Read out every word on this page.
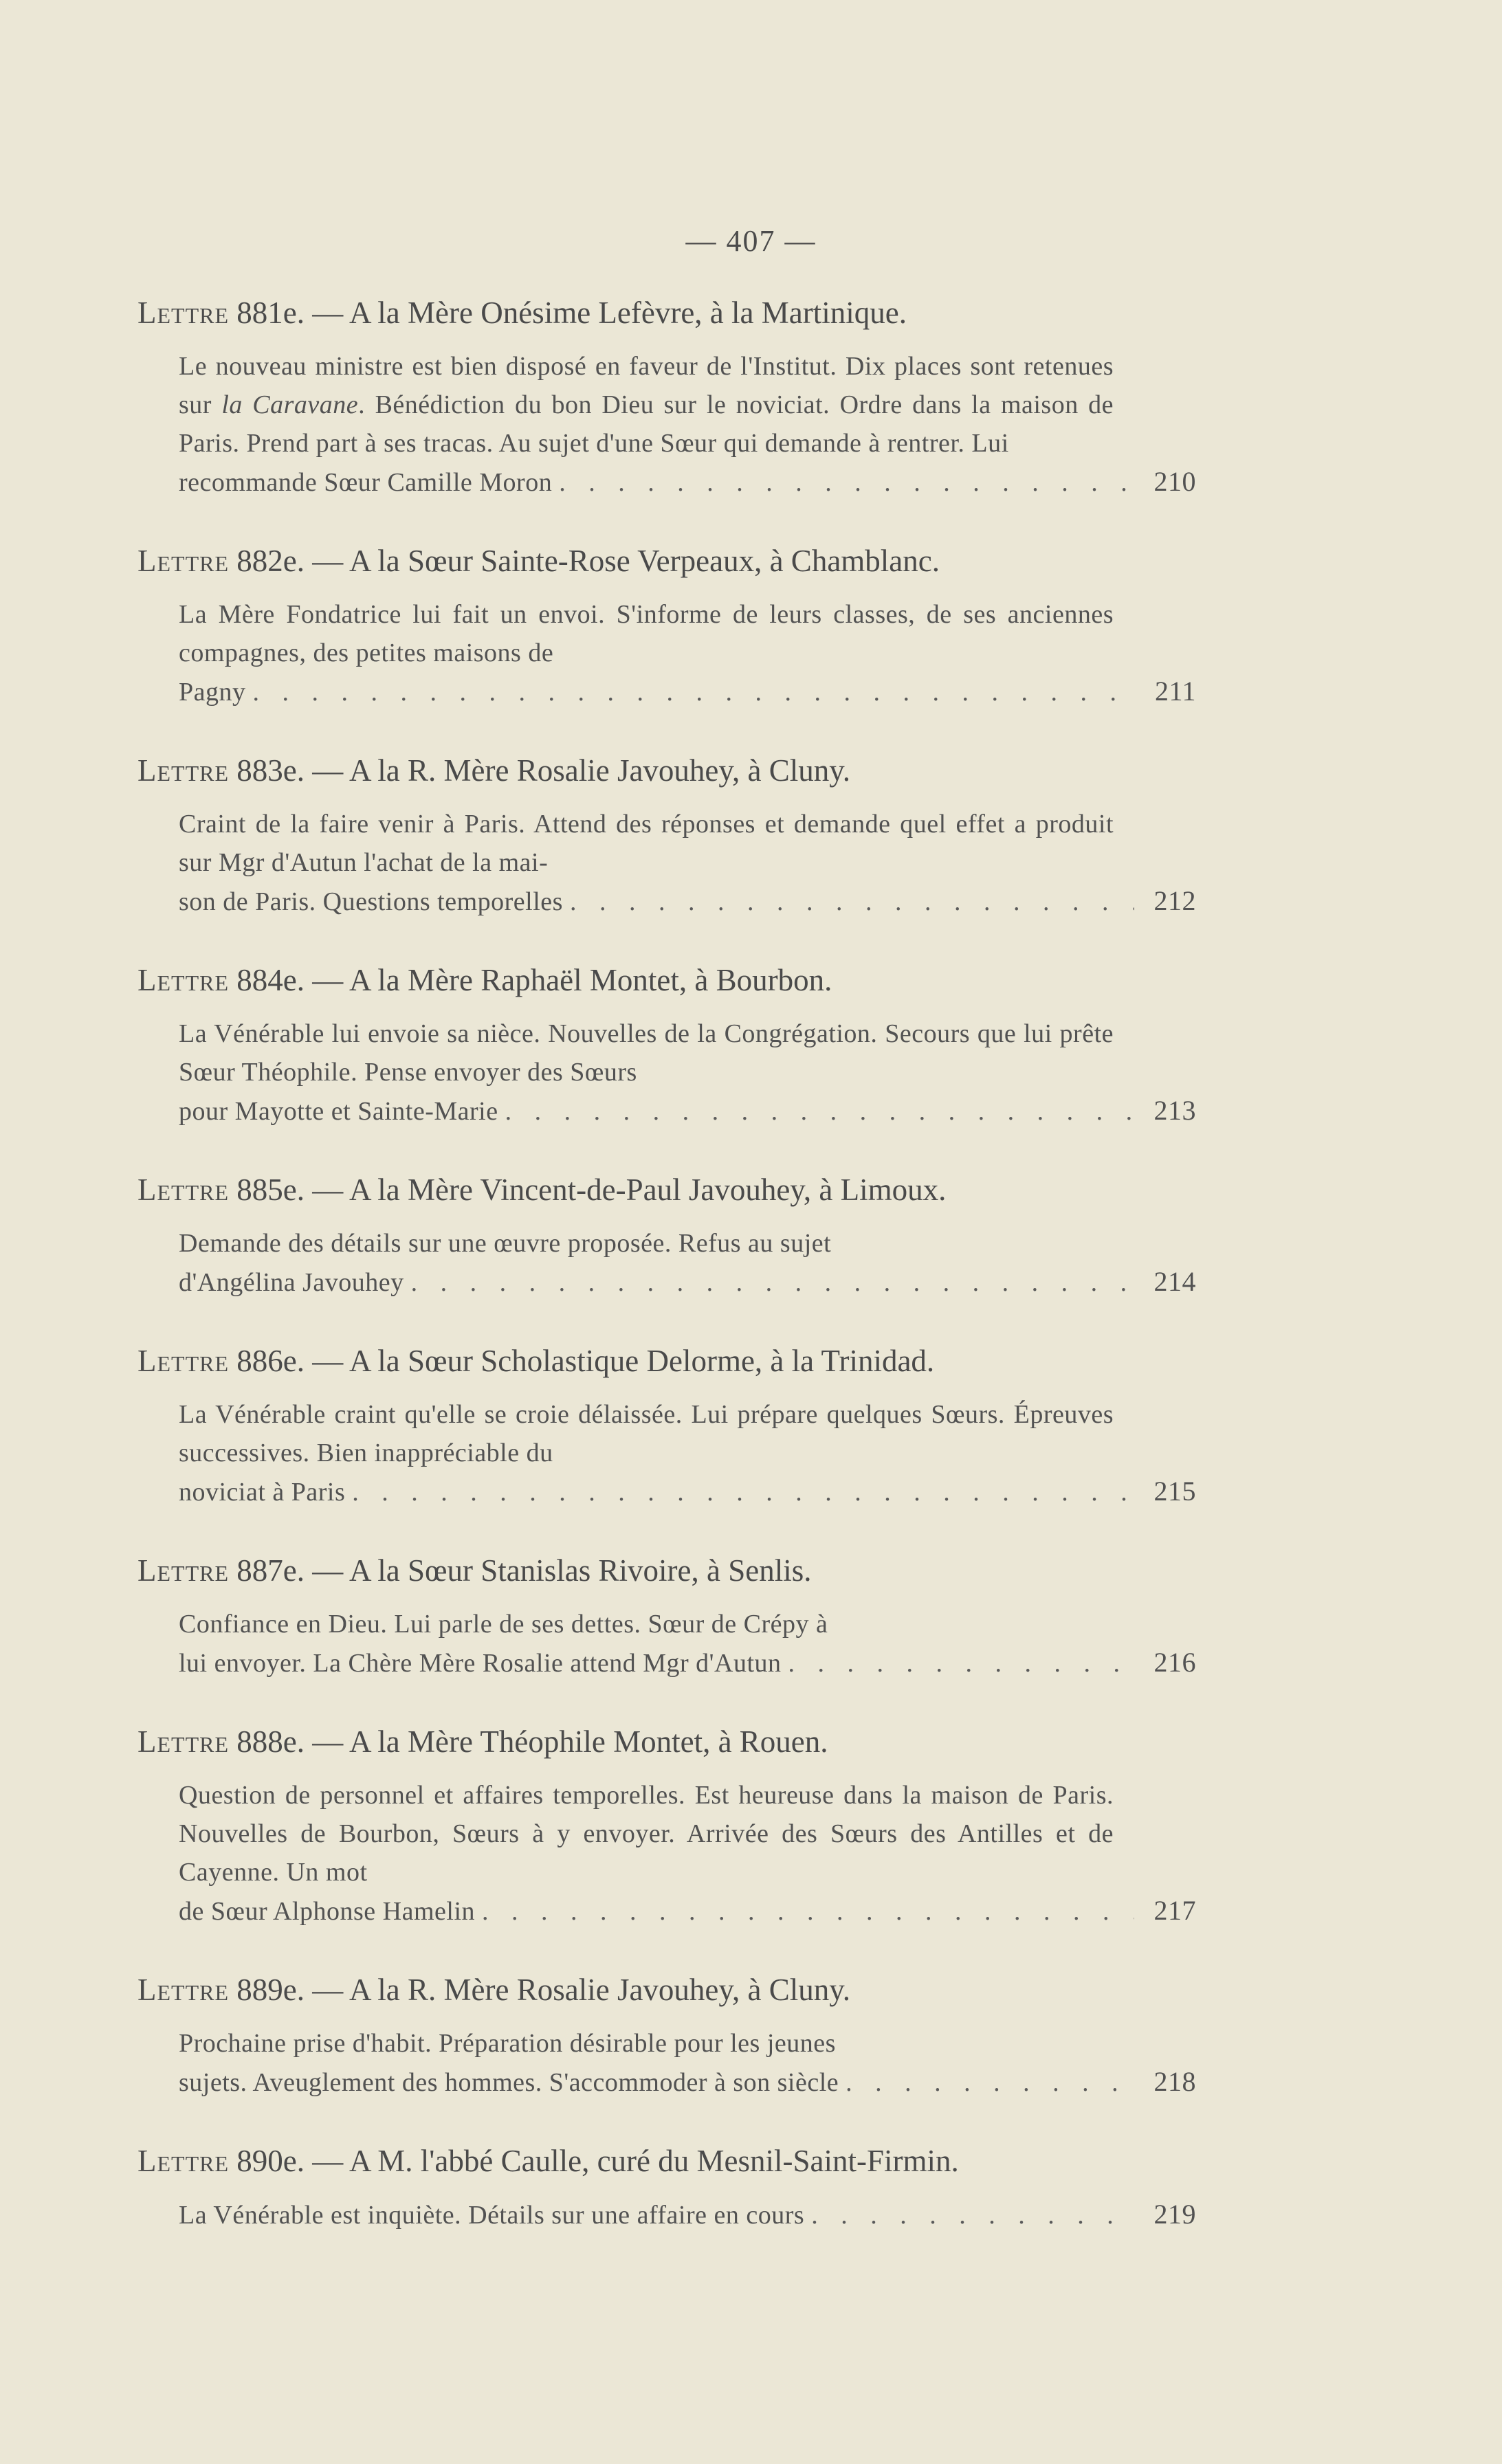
— 407 —
Lettre 881e. — A la Mère Onésime Lefèvre, à la Martinique.
Le nouveau ministre est bien disposé en faveur de l'Institut. Dix places sont retenues sur la Caravane. Bénédiction du bon Dieu sur le noviciat. Ordre dans la maison de Paris. Prend part à ses tracas. Au sujet d'une Sœur qui demande à rentrer. Lui
recommande Sœur Camille Moron . . .	210
Lettre 882e. — A la Sœur Sainte-Rose Verpeaux, à Chamblanc.
La Mère Fondatrice lui fait un envoi. S'informe de leurs classes, de ses anciennes compagnes, des petites maisons de
Pagny . . .	211
Lettre 883e. — A la R. Mère Rosalie Javouhey, à Cluny.
Craint de la faire venir à Paris. Attend des réponses et demande quel effet a produit sur Mgr d'Autun l'achat de la mai-
son de Paris. Questions temporelles . . .	212
Lettre 884e. — A la Mère Raphaël Montet, à Bourbon.
La Vénérable lui envoie sa nièce. Nouvelles de la Congrégation. Secours que lui prête Sœur Théophile. Pense envoyer des Sœurs
pour Mayotte et Sainte-Marie . . .	213
Lettre 885e. — A la Mère Vincent-de-Paul Javouhey, à Limoux.
Demande des détails sur une œuvre proposée. Refus au sujet
d'Angélina Javouhey . . .	214
Lettre 886e. — A la Sœur Scholastique Delorme, à la Trinidad.
La Vénérable craint qu'elle se croie délaissée. Lui prépare quelques Sœurs. Épreuves successives. Bien inappréciable du
noviciat à Paris . . .	215
Lettre 887e. — A la Sœur Stanislas Rivoire, à Senlis.
Confiance en Dieu. Lui parle de ses dettes. Sœur de Crépy à
lui envoyer. La Chère Mère Rosalie attend Mgr d'Autun . . .	216
Lettre 888e. — A la Mère Théophile Montet, à Rouen.
Question de personnel et affaires temporelles. Est heureuse dans la maison de Paris. Nouvelles de Bourbon, Sœurs à y envoyer. Arrivée des Sœurs des Antilles et de Cayenne. Un mot
de Sœur Alphonse Hamelin . . .	217
Lettre 889e. — A la R. Mère Rosalie Javouhey, à Cluny.
Prochaine prise d'habit. Préparation désirable pour les jeunes
sujets. Aveuglement des hommes. S'accommoder à son siècle . . .	218
Lettre 890e. — A M. l'abbé Caulle, curé du Mesnil-Saint-Firmin.
La Vénérable est inquiète. Détails sur une affaire en cours . . .	219
